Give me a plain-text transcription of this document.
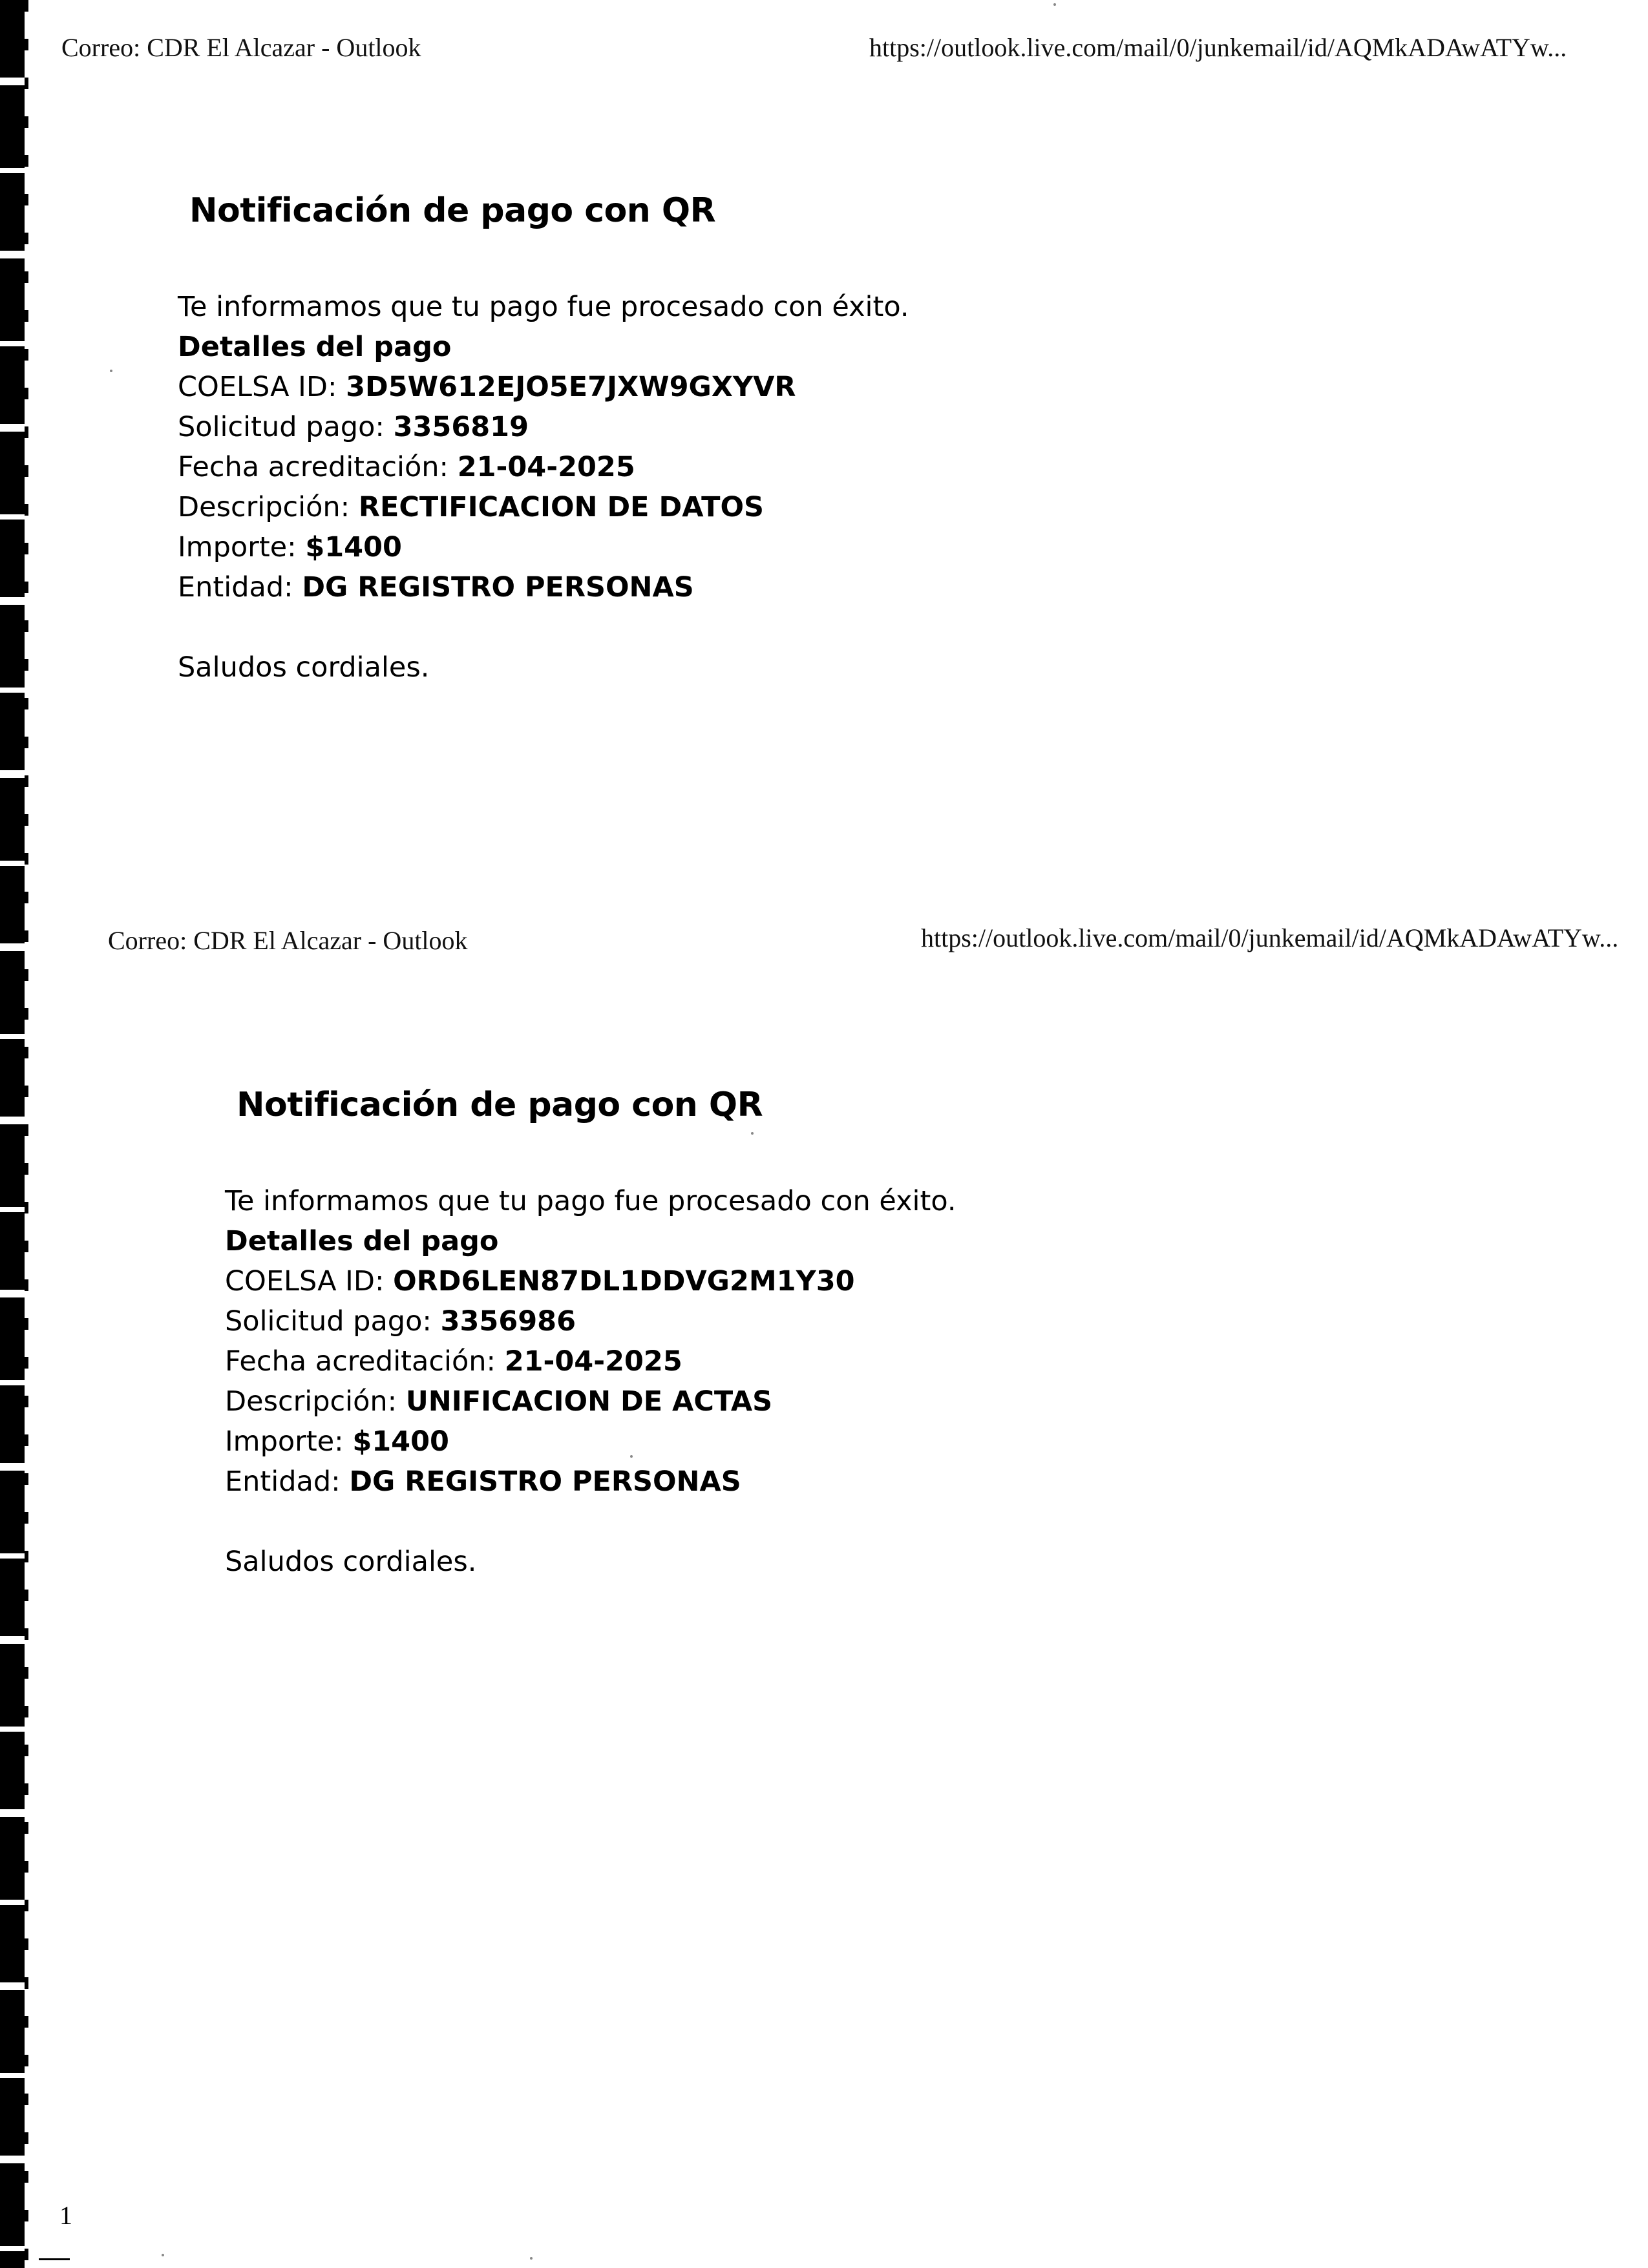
Correo: CDR El Alcazar - Outlook	https://outlook.live.com/mail/0/junkemail/id/AQMkADAwATYw...
Notificación de pago con QR
Te informamos que tu pago fue procesado con éxito.
Detalles del pago
COELSA ID: 3D5W612EJO5E7JXW9GXYVR
Solicitud pago: 3356819
Fecha acreditación: 21-04-2025
Descripción: RECTIFICACION DE DATOS
Importe: $1400
Entidad: DG REGISTRO PERSONAS
Saludos cordiales.
Correo: CDR El Alcazar - Outlook	https://outlook.live.com/mail/0/junkemail/id/AQMkADAwATYw...
Notificación de pago con QR
Te informamos que tu pago fue procesado con éxito.
Detalles del pago
COELSA ID: ORD6LEN87DL1DDVG2M1Y30
Solicitud pago: 3356986
Fecha acreditación: 21-04-2025
Descripción: UNIFICACION DE ACTAS
Importe: $1400
Entidad: DG REGISTRO PERSONAS
Saludos cordiales.
1
